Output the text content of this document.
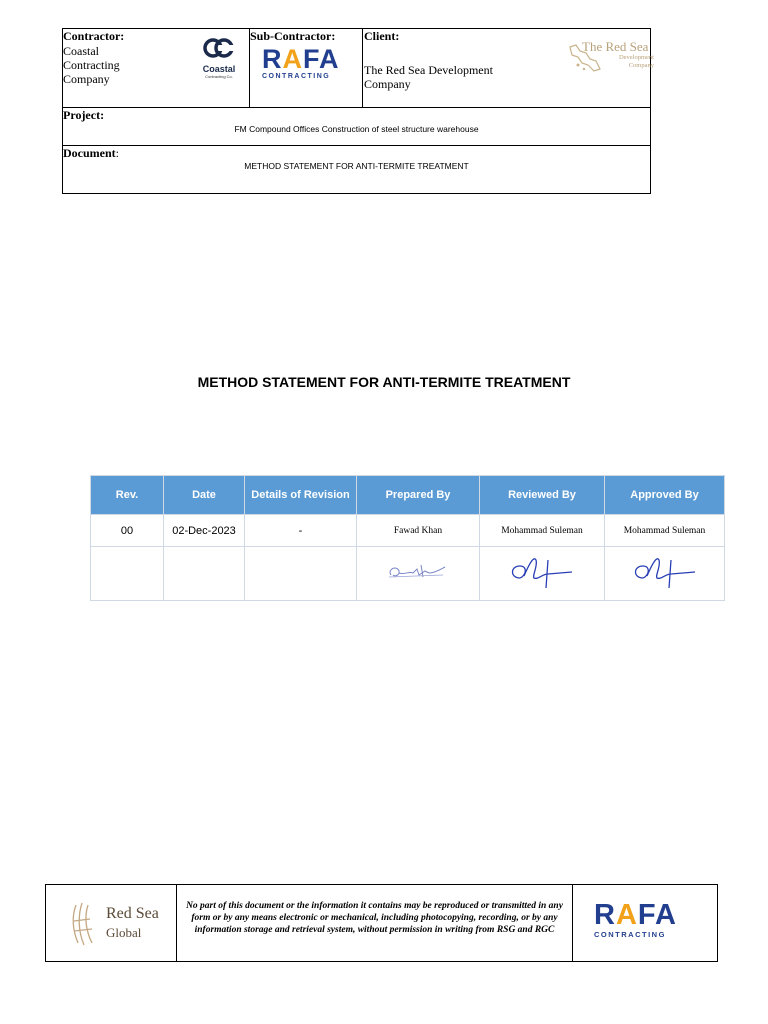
Contractor:
Coastal Contracting Company
Coastal
Contracting Co.
Sub-Contractor:
RAFA
CONTRACTING
Client:
The Red Sea Development Company
The Red Sea
Development Company
Project:
FM Compound Offices Construction of steel structure warehouse
Document:
METHOD STATEMENT FOR ANTI-TERMITE TREATMENT
METHOD STATEMENT FOR ANTI-TERMITE TREATMENT
Rev.	Date	Details of Revision	Prepared By	Reviewed By	Approved By
00	02-Dec-2023	-	Fawad Khan	Mohammad Suleman	Mohammad Suleman

Red Sea
Global
No part of this document or the information it contains may be reproduced or transmitted in any form or by any means electronic or mechanical, including photocopying, recording, or by any information storage and retrieval system, without permission in writing from RSG and RGC	RAFA
CONTRACTING
